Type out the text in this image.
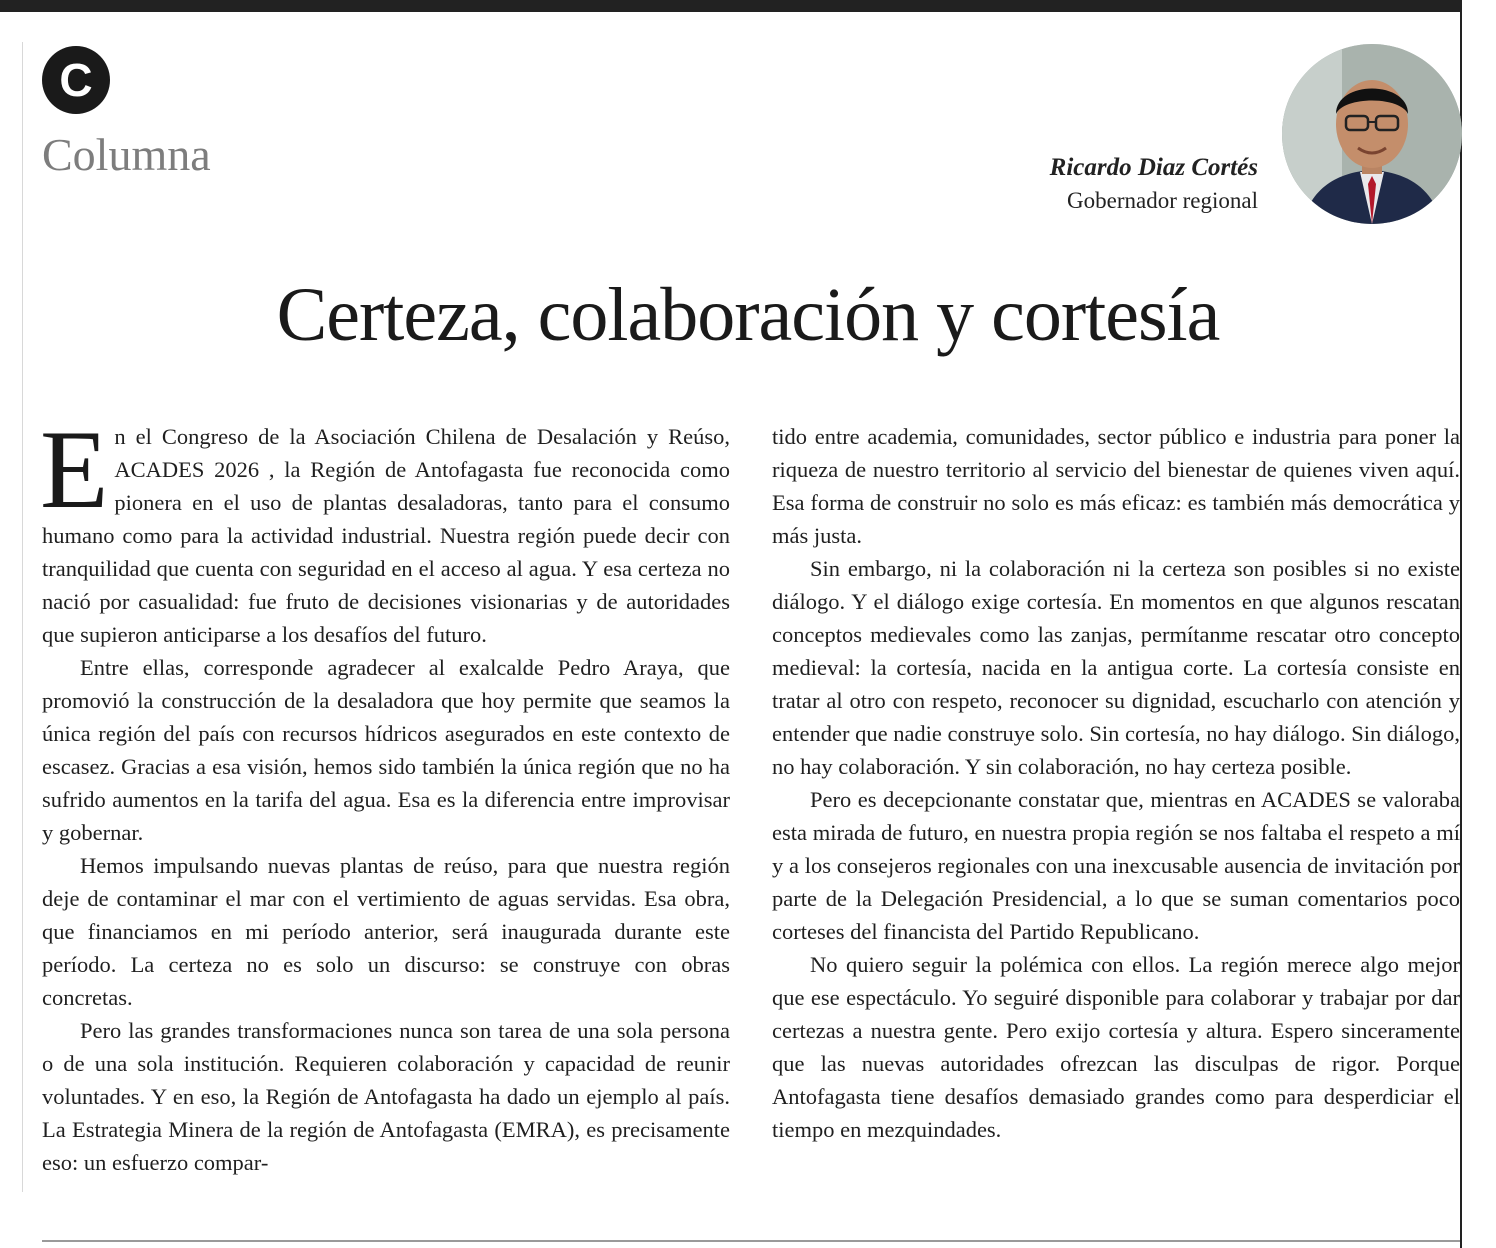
C
Columna	Ricardo Diaz Cortés
Gobernador regional
Certeza, colaboración y cortesía

En el Congreso de la Asociación Chilena de Desalación y Reúso, ACADES 2026 , la Región de Antofagasta fue reconocida como pionera en el uso de plantas desaladoras, tanto para el consumo humano como para la actividad industrial. Nuestra región puede decir con tranquilidad que cuenta con seguridad en el acceso al agua. Y esa certeza no nació por casualidad: fue fruto de decisiones visionarias y de autoridades que supieron anticiparse a los desafíos del futuro.

Entre ellas, corresponde agradecer al exalcalde Pedro Araya, que promovió la construcción de la desaladora que hoy permite que seamos la única región del país con recursos hídricos asegurados en este contexto de escasez. Gracias a esa visión, hemos sido también la única región que no ha sufrido aumentos en la tarifa del agua. Esa es la diferencia entre improvisar y gobernar.

Hemos impulsando nuevas plantas de reúso, para que nuestra región deje de contaminar el mar con el vertimiento de aguas servidas. Esa obra, que financiamos en mi período anterior, será inaugurada durante este período. La certeza no es solo un discurso: se construye con obras concretas.

Pero las grandes transformaciones nunca son tarea de una sola persona o de una sola institución. Requieren colaboración y capacidad de reunir voluntades. Y en eso, la Región de Antofagasta ha dado un ejemplo al país. La Estrategia Minera de la región de Antofagasta (EMRA), es precisamente eso: un esfuerzo compar-

tido entre academia, comunidades, sector público e industria para poner la riqueza de nuestro territorio al servicio del bienestar de quienes viven aquí. Esa forma de construir no solo es más eficaz: es también más democrática y más justa.

Sin embargo, ni la colaboración ni la certeza son posibles si no existe diálogo. Y el diálogo exige cortesía. En momentos en que algunos rescatan conceptos medievales como las zanjas, permítanme rescatar otro concepto medieval: la cortesía, nacida en la antigua corte. La cortesía consiste en tratar al otro con respeto, reconocer su dignidad, escucharlo con atención y entender que nadie construye solo. Sin cortesía, no hay diálogo. Sin diálogo, no hay colaboración. Y sin colaboración, no hay certeza posible.

Pero es decepcionante constatar que, mientras en ACADES se valoraba esta mirada de futuro, en nuestra propia región se nos faltaba el respeto a mí y a los consejeros regionales con una inexcusable ausencia de invitación por parte de la Delegación Presidencial, a lo que se suman comentarios poco corteses del financista del Partido Republicano.

No quiero seguir la polémica con ellos. La región merece algo mejor que ese espectáculo. Yo seguiré disponible para colaborar y trabajar por dar certezas a nuestra gente. Pero exijo cortesía y altura. Espero sinceramente que las nuevas autoridades ofrezcan las disculpas de rigor. Porque Antofagasta tiene desafíos demasiado grandes como para desperdiciar el tiempo en mezquindades.
